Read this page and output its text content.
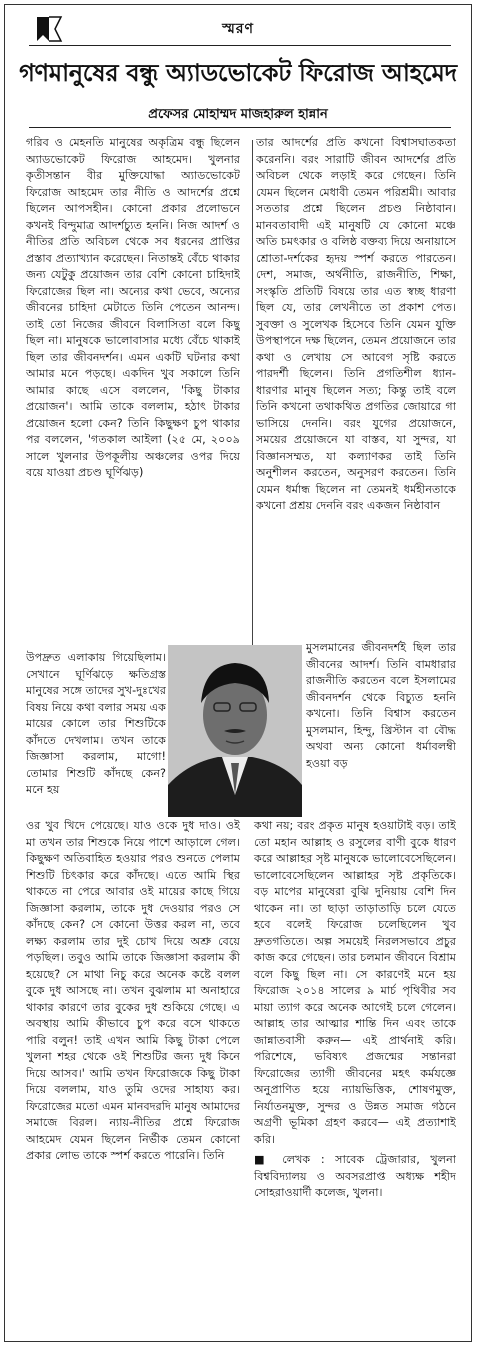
স্মরণ
গণমানুষের বন্ধু অ্যাডভোকেট ফিরোজ আহমেদ
প্রফেসর মোহাম্মদ মাজহারুল হান্নান

গরিব ও মেহনতি মানুষের অকৃত্রিম বন্ধু ছিলেন অ্যাডভোকেট ফিরোজ আহমেদ। খুলনার কৃতীসন্তান বীর মুক্তিযোদ্ধা অ্যাডভোকেট ফিরোজ আহমেদ তার নীতি ও আদর্শের প্রশ্নে ছিলেন আপসহীন। কোনো প্রকার প্রলোভনে কখনই বিন্দুমাত্র আদর্শচ্যুত হননি। নিজ আদর্শ ও নীতির প্রতি অবিচল থেকে সব ধরনের প্রাপ্তির প্রস্তাব প্রত্যাখ্যান করেছেন। নিতান্তই বেঁচে থাকার জন্য যেটুকু প্রয়োজন তার বেশি কোনো চাহিদাই ফিরোজের ছিল না। অন্যের কথা ভেবে, অন্যের জীবনের চাহিদা মেটাতে তিনি পেতেন আনন্দ। তাই তো নিজের জীবনে বিলাসিতা বলে কিছু ছিল না। মানুষকে ভালোবাসার মধ্যে বেঁচে থাকাই ছিল তার জীবনদর্শন। এমন একটি ঘটনার কথা আমার মনে পড়ছে। একদিন খুব সকালে তিনি আমার কাছে এসে বললেন, 'কিছু টাকার প্রয়োজন'। আমি তাকে বললাম, হঠাৎ টাকার প্রয়োজন হলো কেন? তিনি কিছুক্ষণ চুপ থাকার পর বললেন, 'গতকাল আইলা (২৫ মে, ২০০৯ সালে খুলনার উপকূলীয় অঞ্চলের ওপর দিয়ে বয়ে যাওয়া প্রচণ্ড ঘূর্ণিঝড়)

তার আদর্শের প্রতি কখনো বিশ্বাসঘাতকতা করেননি। বরং সারাটি জীবন আদর্শের প্রতি অবিচল থেকে লড়াই করে গেছেন। তিনি যেমন ছিলেন মেধাবী তেমন পরিশ্রমী। আবার সততার প্রশ্নে ছিলেন প্রচণ্ড নিষ্ঠাবান। মানবতাবাদী এই মানুষটি যে কোনো মঞ্চে অতি চমৎকার ও বলিষ্ঠ বক্তব্য দিয়ে অনায়াসে শ্রোতা-দর্শকের হৃদয় স্পর্শ করতে পারতেন। দেশ, সমাজ, অর্থনীতি, রাজনীতি, শিক্ষা, সংস্কৃতি প্রতিটি বিষয়ে তার এত স্বচ্ছ ধারণা ছিল যে, তার লেখনীতে তা প্রকাশ পেত। সুবক্তা ও সুলেখক হিসেবে তিনি যেমন যুক্তি উপস্থাপনে দক্ষ ছিলেন, তেমন প্রয়োজনে তার কথা ও লেখায় সে আবেগ সৃষ্টি করতে পারদর্শী ছিলেন। তিনি প্রগতিশীল ধ্যান-ধারণার মানুষ ছিলেন সত্য; কিন্তু তাই বলে তিনি কখনো তথাকথিত প্রগতির জোয়ারে গা ভাসিয়ে দেননি। বরং যুগের প্রয়োজনে, সময়ের প্রয়োজনে যা বাস্তব, যা সুন্দর, যা বিজ্ঞানসম্মত, যা কল্যাণকর তাই তিনি অনুশীলন করতেন, অনুসরণ করতেন। তিনি যেমন ধর্মান্ধ ছিলেন না তেমনই ধর্মহীনতাকে কখনো প্রশ্রয় দেননি বরং একজন নিষ্ঠাবান

উপদ্রুত এলাকায় গিয়েছিলাম। সেখানে ঘূর্ণিঝড়ে ক্ষতিগ্রস্ত মানুষের সঙ্গে তাদের সুখ-দুঃখের বিষয় নিয়ে কথা বলার সময় এক মায়ের কোলে তার শিশুটিকে কাঁদতে দেখলাম। তখন তাকে জিজ্ঞাসা করলাম, মাগো! তোমার শিশুটি কাঁদছে কেন? মনে হয়

মুসলমানের জীবনদর্শই ছিল তার জীবনের আদর্শ। তিনি বামধারার রাজনীতি করতেন বলে ইসলামের জীবনদর্শন থেকে বিচ্যুত হননি কখনো। তিনি বিশ্বাস করতেন মুসলমান, হিন্দু, খ্রিস্টান বা বৌদ্ধ অথবা অন্য কোনো ধর্মাবলম্বী হওয়া বড়

ওর খুব খিদে পেয়েছে। যাও ওকে দুধ দাও। ওই মা তখন তার শিশুকে নিয়ে পাশে আড়ালে গেল। কিছুক্ষণ অতিবাহিত হওয়ার পরও শুনতে পেলাম শিশুটি চিৎকার করে কাঁদছে। এতে আমি স্থির থাকতে না পেরে আবার ওই মায়ের কাছে গিয়ে জিজ্ঞাসা করলাম, তাকে দুধ দেওয়ার পরও সে কাঁদছে কেন? সে কোনো উত্তর করল না, তবে লক্ষ্য করলাম তার দুই চোখ দিয়ে অশ্রু বেয়ে পড়ছিল। তবুও আমি তাকে জিজ্ঞাসা করলাম কী হয়েছে? সে মাথা নিচু করে অনেক কষ্টে বলল বুকে দুধ আসছে না। তখন বুঝলাম মা অনাহারে থাকার কারণে তার বুকের দুধ শুকিয়ে গেছে। এ অবস্থায় আমি কীভাবে চুপ করে বসে থাকতে পারি বলুন! তাই এখন আমি কিছু টাকা পেলে খুলনা শহর থেকে ওই শিশুটির জন্য দুধ কিনে দিয়ে আসব।' আমি তখন ফিরোজকে কিছু টাকা দিয়ে বললাম, যাও তুমি ওদের সাহায্য কর। ফিরোজের মতো এমন মানবদরদি মানুষ আমাদের সমাজে বিরল। ন্যায়-নীতির প্রশ্নে ফিরোজ আহমেদ যেমন ছিলেন নির্ভীক তেমন কোনো প্রকার লোভ তাকে স্পর্শ করতে পারেনি। তিনি

কথা নয়; বরং প্রকৃত মানুষ হওয়াটাই বড়। তাই তো মহান আল্লাহ ও রসুলের বাণী বুকে ধারণ করে আল্লাহর সৃষ্ট মানুষকে ভালোবেসেছিলেন। ভালোবেসেছিলেন আল্লাহর সৃষ্ট প্রকৃতিকে। বড় মাপের মানুষেরা বুঝি দুনিয়ায় বেশি দিন থাকেন না। তা ছাড়া তাড়াতাড়ি চলে যেতে হবে বলেই ফিরোজ চলেছিলেন খুব দ্রুতগতিতে। অল্প সময়েই নিরলসভাবে প্রচুর কাজ করে গেছেন। তার চলমান জীবনে বিশ্রাম বলে কিছু ছিল না। সে কারণেই মনে হয় ফিরোজ ২০১৪ সালের ৯ মার্চ পৃথিবীর সব মায়া ত্যাগ করে অনেক আগেই চলে গেলেন। আল্লাহ তার আত্মার শান্তি দিন এবং তাকে জান্নাতবাসী করুন— এই প্রার্থনাই করি। পরিশেষে, ভবিষ্যৎ প্রজন্মের সন্তানরা ফিরোজের ত্যাগী জীবনের মহৎ কর্মযজ্ঞে অনুপ্রাণিত হয়ে ন্যায়ভিত্তিক, শোষণমুক্ত, নির্যাতনমুক্ত, সুন্দর ও উন্নত সমাজ গঠনে অগ্রণী ভূমিকা গ্রহণ করবে— এই প্রত্যাশাই করি।

■ লেখক : সাবেক ট্রেজারার, খুলনা বিশ্ববিদ্যালয় ও অবসরপ্রাপ্ত অধ্যক্ষ শহীদ সোহরাওয়ার্দী কলেজ, খুলনা।
